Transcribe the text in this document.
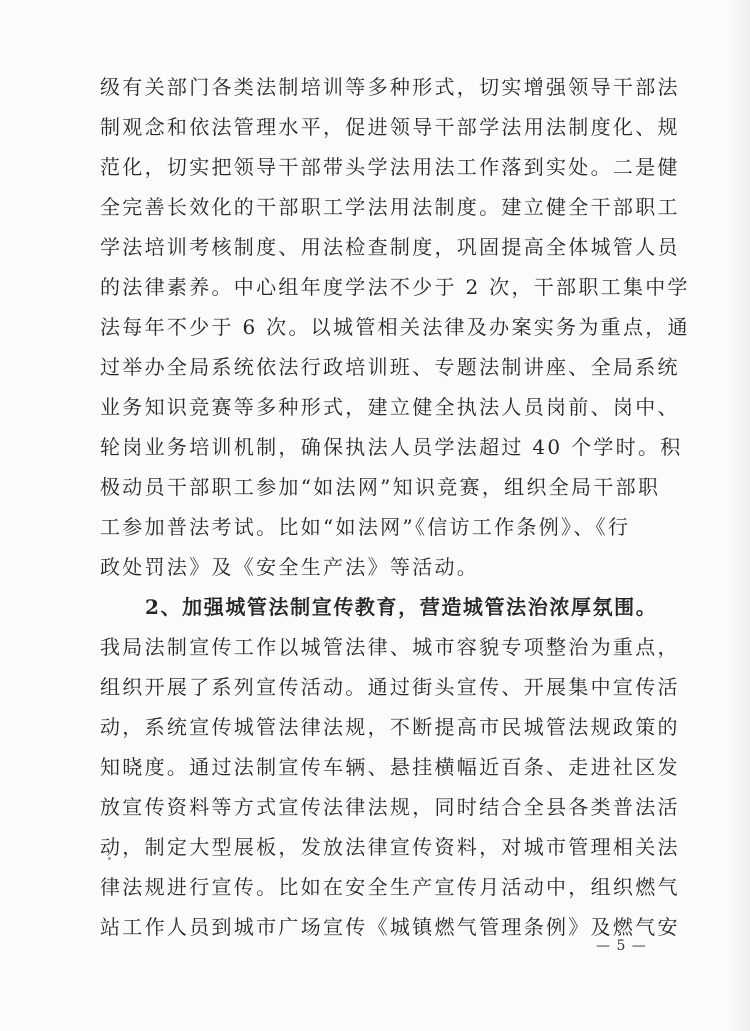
级有关部门各类法制培训等多种形式，切实增强领导干部法
制观念和依法管理水平，促进领导干部学法用法制度化、规
范化，切实把领导干部带头学法用法工作落到实处。二是健
全完善长效化的干部职工学法用法制度。建立健全干部职工
学法培训考核制度、用法检查制度，巩固提高全体城管人员
的法律素养。中心组年度学法不少于 2 次，干部职工集中学
法每年不少于 6 次。以城管相关法律及办案实务为重点，通
过举办全局系统依法行政培训班、专题法制讲座、全局系统
业务知识竞赛等多种形式，建立健全执法人员岗前、岗中、
轮岗业务培训机制，确保执法人员学法超过 40 个学时。积
极动员干部职工参加“如法网”知识竞赛，组织全局干部职
工参加普法考试。比如“如法网”《信访工作条例》、《行
政处罚法》及《安全生产法》等活动。
2、加强城管法制宣传教育，营造城管法治浓厚氛围。
我局法制宣传工作以城管法律、城市容貌专项整治为重点，
组织开展了系列宣传活动。通过街头宣传、开展集中宣传活
动，系统宣传城管法律法规，不断提高市民城管法规政策的
知晓度。通过法制宣传车辆、悬挂横幅近百条、走进社区发
放宣传资料等方式宣传法律法规，同时结合全县各类普法活
动，制定大型展板，发放法律宣传资料，对城市管理相关法
律法规进行宣传。比如在安全生产宣传月活动中，组织燃气
站工作人员到城市广场宣传《城镇燃气管理条例》及燃气安
— 5 —
